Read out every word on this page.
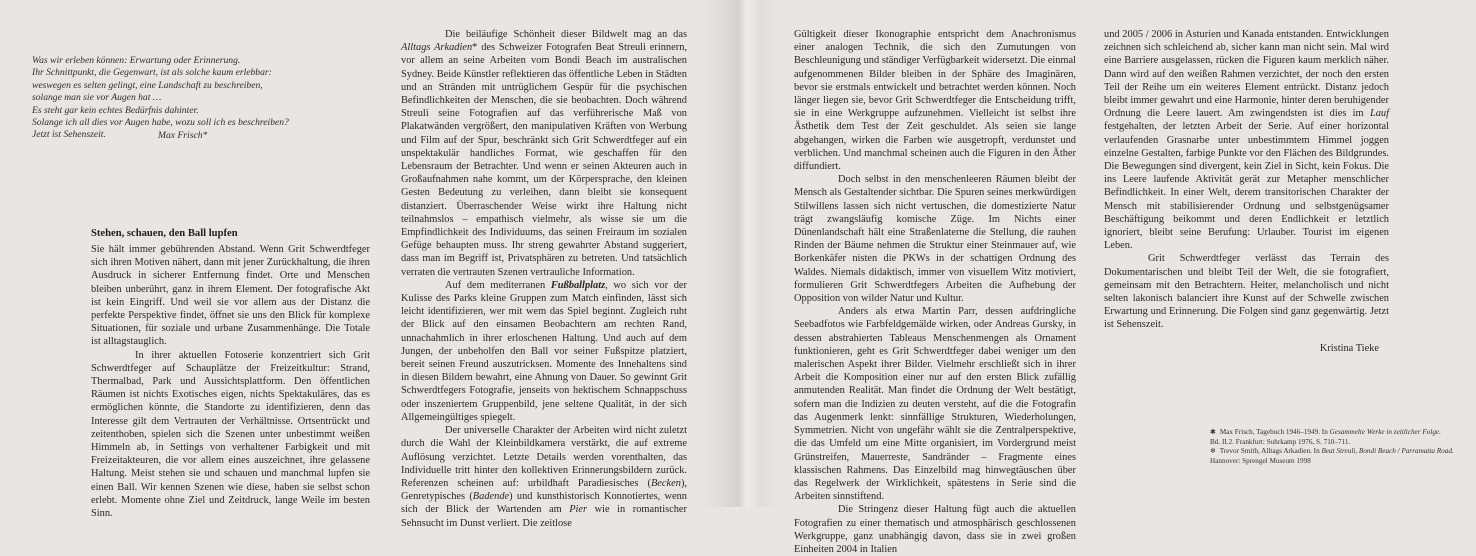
Was wir erleben können: Erwartung oder Erinnerung.
Ihr Schnittpunkt, die Gegenwart, ist als solche kaum erlebbar:
weswegen es selten gelingt, eine Landschaft zu beschreiben,
solange man sie vor Augen hat …
Es steht gar kein echtes Bedürfnis dahinter.
Solange ich all dies vor Augen habe, wozu soll ich es beschreiben?
Jetzt ist Sehenszeit.	Max Frisch*
Stehen, schauen, den Ball lupfen

Sie hält immer gebührenden Abstand. Wenn Grit Schwerdtfeger sich ihren Motiven nähert, dann mit jener Zurückhaltung, die ihren Ausdruck in sicherer Entfernung findet. Orte und Menschen bleiben unberührt, ganz in ihrem Element. Der fotografische Akt ist kein Eingriff. Und weil sie vor allem aus der Distanz die perfekte Perspektive findet, öffnet sie uns den Blick für komplexe Situationen, für soziale und urbane Zusammenhänge. Die Totale ist alltagstauglich.

In ihrer aktuellen Fotoserie konzentriert sich Grit Schwerdtfeger auf Schauplätze der Freizeitkultur: Strand, Thermalbad, Park und Aussichtsplattform. Den öffentlichen Räumen ist nichts Exotisches eigen, nichts Spektakuläres, das es ermöglichen könnte, die Standorte zu identifizieren, denn das Interesse gilt dem Vertrauten der Verhältnisse. Ortsentrückt und zeitenthoben, spielen sich die Szenen unter unbestimmt weißen Himmeln ab, in Settings von verhaltener Farbigkeit und mit Freizeitakteuren, die vor allem eines auszeichnet, ihre gelassene Haltung. Meist stehen sie und schauen und manchmal lupfen sie einen Ball. Wir kennen Szenen wie diese, haben sie selbst schon erlebt. Momente ohne Ziel und Zeitdruck, lange Weile im besten Sinn.

Die beiläufige Schönheit dieser Bildwelt mag an das Alltags Arkadien* des Schweizer Fotografen Beat Streuli erinnern, vor allem an seine Arbeiten vom Bondi Beach im australischen Sydney. Beide Künstler reflektieren das öffentliche Leben in Städten und an Stränden mit untrüglichem Gespür für die psychischen Befindlichkeiten der Menschen, die sie beobachten. Doch während Streuli seine Fotografien auf das verführerische Maß von Plakatwänden vergrößert, den manipulativen Kräften von Werbung und Film auf der Spur, beschränkt sich Grit Schwerdtfeger auf ein unspektakulär handliches Format, wie geschaffen für den Lebensraum der Betrachter. Und wenn er seinen Akteuren auch in Großaufnahmen nahe kommt, um der Körpersprache, den kleinen Gesten Bedeutung zu verleihen, dann bleibt sie konsequent distanziert. Überraschender Weise wirkt ihre Haltung nicht teilnahmslos – empathisch vielmehr, als wisse sie um die Empfindlichkeit des Individuums, das seinen Freiraum im sozialen Gefüge behaupten muss. Ihr streng gewahrter Abstand suggeriert, dass man im Begriff ist, Privatsphären zu betreten. Und tatsächlich verraten die vertrauten Szenen vertrauliche Information.

Auf dem mediterranen Fußballplatz, wo sich vor der Kulisse des Parks kleine Gruppen zum Match einfinden, lässt sich leicht identifizieren, wer mit wem das Spiel beginnt. Zugleich ruht der Blick auf den einsamen Beobachtern am rechten Rand, unnachahmlich in ihrer erloschenen Haltung. Und auch auf dem Jungen, der unbeholfen den Ball vor seiner Fußspitze platziert, bereit seinen Freund auszutricksen. Momente des Innehaltens sind in diesen Bildern bewahrt, eine Ahnung von Dauer. So gewinnt Grit Schwerdtfegers Fotografie, jenseits von hektischem Schnappschuss oder inszeniertem Gruppenbild, jene seltene Qualität, in der sich Allgemeingültiges spiegelt.

Der universelle Charakter der Arbeiten wird nicht zuletzt durch die Wahl der Kleinbildkamera verstärkt, die auf extreme Auflösung verzichtet. Letzte Details werden vorenthalten, das Individuelle tritt hinter den kollektiven Erinnerungsbildern zurück. Referenzen scheinen auf: urbildhaft Paradiesisches (Becken), Genretypisches (Badende) und kunsthistorisch Konnotiertes, wenn sich der Blick der Wartenden am Pier wie in romantischer Sehnsucht im Dunst verliert. Die zeitlose

Gültigkeit dieser Ikonographie entspricht dem Anachronismus einer analogen Technik, die sich den Zumutungen von Beschleunigung und ständiger Verfügbarkeit widersetzt. Die einmal aufgenommenen Bilder bleiben in der Sphäre des Imaginären, bevor sie erstmals entwickelt und betrachtet werden können. Noch länger liegen sie, bevor Grit Schwerdtfeger die Entscheidung trifft, sie in eine Werkgruppe aufzunehmen. Vielleicht ist selbst ihre Ästhetik dem Test der Zeit geschuldet. Als seien sie lange abgehangen, wirken die Farben wie ausgetropft, verdunstet und verblichen. Und manchmal scheinen auch die Figuren in den Äther diffundiert.

Doch selbst in den menschenleeren Räumen bleibt der Mensch als Gestaltender sichtbar. Die Spuren seines merkwürdigen Stilwillens lassen sich nicht vertuschen, die domestizierte Natur trägt zwangsläufig komische Züge. Im Nichts einer Dünenlandschaft hält eine Straßenlaterne die Stellung, die rauhen Rinden der Bäume nehmen die Struktur einer Steinmauer auf, wie Borkenkäfer nisten die PKWs in der schattigen Ordnung des Waldes. Niemals didaktisch, immer von visuellem Witz motiviert, formulieren Grit Schwerdtfegers Arbeiten die Aufhebung der Opposition von wilder Natur und Kultur.

Anders als etwa Martin Parr, dessen aufdringliche Seebadfotos wie Farbfeldgemälde wirken, oder Andreas Gursky, in dessen abstrahierten Tableaus Menschenmengen als Ornament funktionieren, geht es Grit Schwerdtfeger dabei weniger um den malerischen Aspekt ihrer Bilder. Vielmehr erschließt sich in ihrer Arbeit die Komposition einer nur auf den ersten Blick zufällig anmutenden Realität. Man findet die Ordnung der Welt bestätigt, sofern man die Indizien zu deuten versteht, auf die die Fotografin das Augenmerk lenkt: sinnfällige Strukturen, Wiederholungen, Symmetrien. Nicht von ungefähr wählt sie die Zentralperspektive, die das Umfeld um eine Mitte organisiert, im Vordergrund meist Grünstreifen, Mauerreste, Sandränder – Fragmente eines klassischen Rahmens. Das Einzelbild mag hinwegtäuschen über das Regelwerk der Wirklichkeit, spätestens in Serie sind die Arbeiten sinnstiftend.

Die Stringenz dieser Haltung fügt auch die aktuellen Fotografien zu einer thematisch und atmosphärisch geschlossenen Werkgruppe, ganz unabhängig davon, dass sie in zwei großen Einheiten 2004 in Italien

und 2005 / 2006 in Asturien und Kanada entstanden. Entwicklungen zeichnen sich schleichend ab, sicher kann man nicht sein. Mal wird eine Barriere ausgelassen, rücken die Figuren kaum merklich näher. Dann wird auf den weißen Rahmen verzichtet, der noch den ersten Teil der Reihe um ein weiteres Element entrückt. Distanz jedoch bleibt immer gewahrt und eine Harmonie, hinter deren beruhigender Ordnung die Leere lauert. Am zwingendsten ist dies im Lauf festgehalten, der letzten Arbeit der Serie. Auf einer horizontal verlaufenden Grasnarbe unter unbestimmtem Himmel joggen einzelne Gestalten, farbige Punkte vor den Flächen des Bildgrundes. Die Bewegungen sind divergent, kein Ziel in Sicht, kein Fokus. Die ins Leere laufende Aktivität gerät zur Metapher menschlicher Befindlichkeit. In einer Welt, derem transitorischen Charakter der Mensch mit stabilisierender Ordnung und selbstgenügsamer Beschäftigung beikommt und deren Endlichkeit er letztlich ignoriert, bleibt seine Berufung: Urlauber. Tourist im eigenen Leben.

Grit Schwerdtfeger verlässt das Terrain des Dokumentarischen und bleibt Teil der Welt, die sie fotografiert, gemeinsam mit den Betrachtern. Heiter, melancholisch und nicht selten lakonisch balanciert ihre Kunst auf der Schwelle zwischen Erwartung und Erinnerung. Die Folgen sind ganz gegenwärtig. Jetzt ist Sehenszeit.

Kristina Tieke

✱ Max Frisch, Tagebuch 1946–1949. In Gesammelte Werke in zeitlicher Folge.
Bd. II.2. Frankfurt: Suhrkamp 1976, S. 710–711.
❄ Trevor Smith, Alltags Arkadien. In Beat Streuli, Bondi Beach / Parramatta Road.
Hannover: Sprengel Museum 1998
